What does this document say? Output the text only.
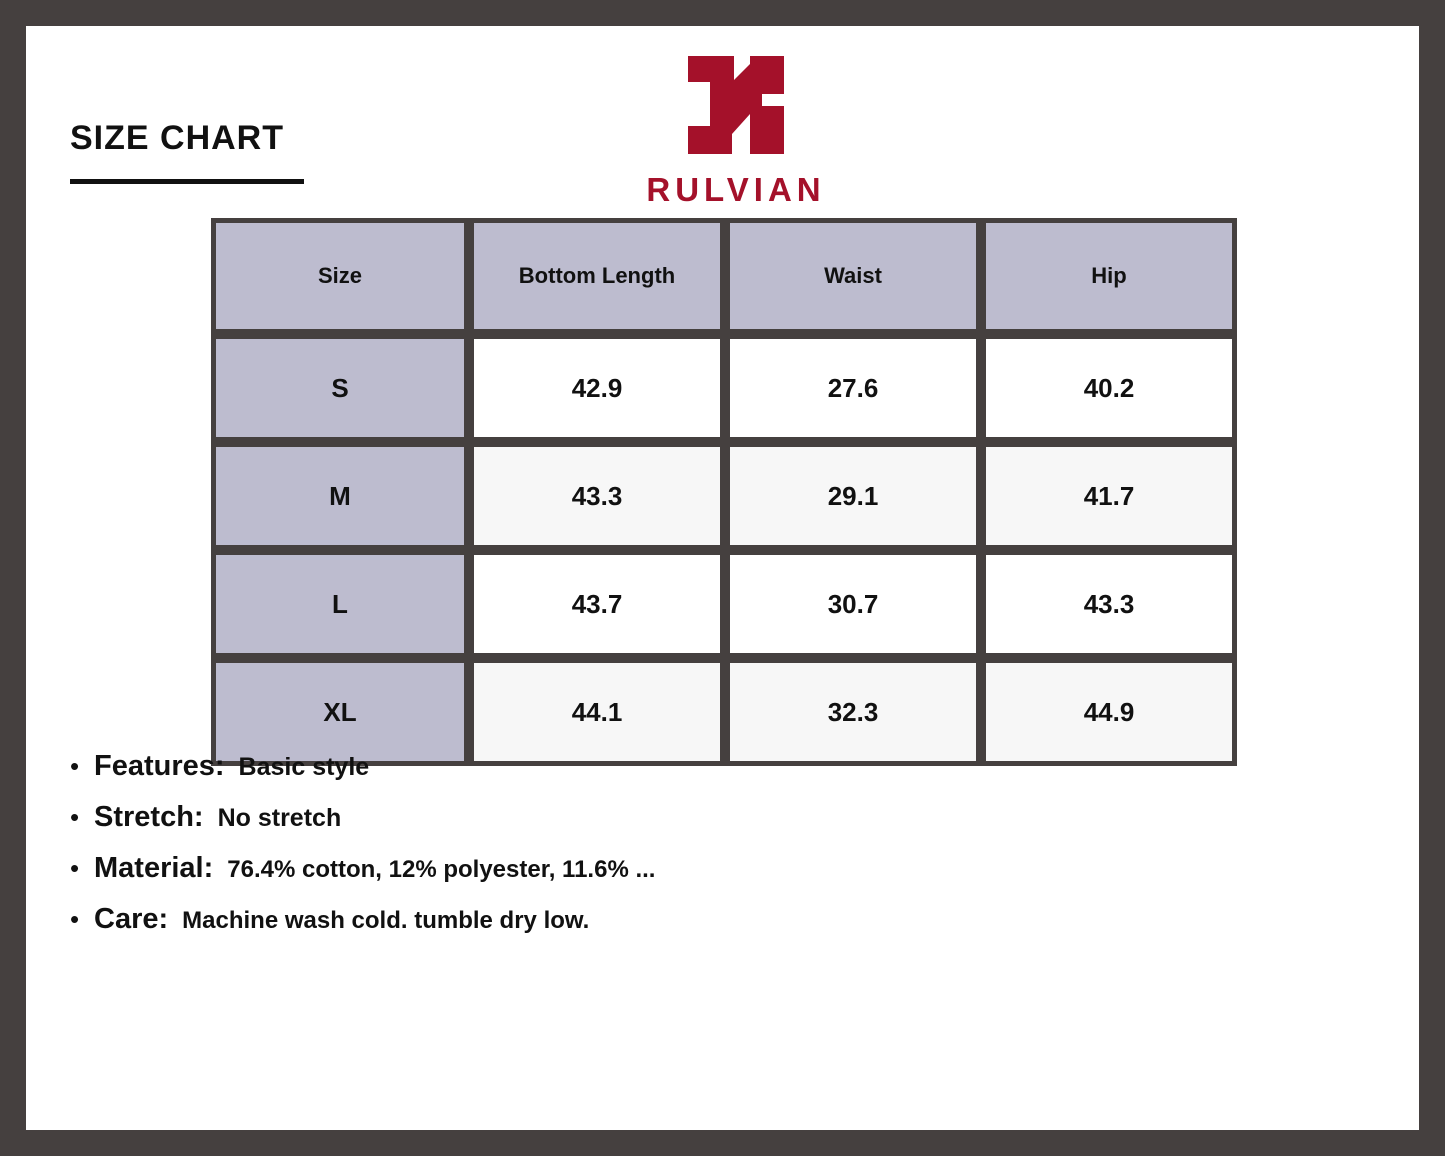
SIZE CHART
RULVIAN
Size	Bottom Length	Waist	Hip
S	42.9	27.6	40.2
M	43.3	29.1	41.7
L	43.7	30.7	43.3
XL	44.1	32.3	44.9
• Features: Basic style
• Stretch: No stretch
• Material: 76.4% cotton, 12% polyester, 11.6% ...
• Care: Machine wash cold. tumble dry low.
